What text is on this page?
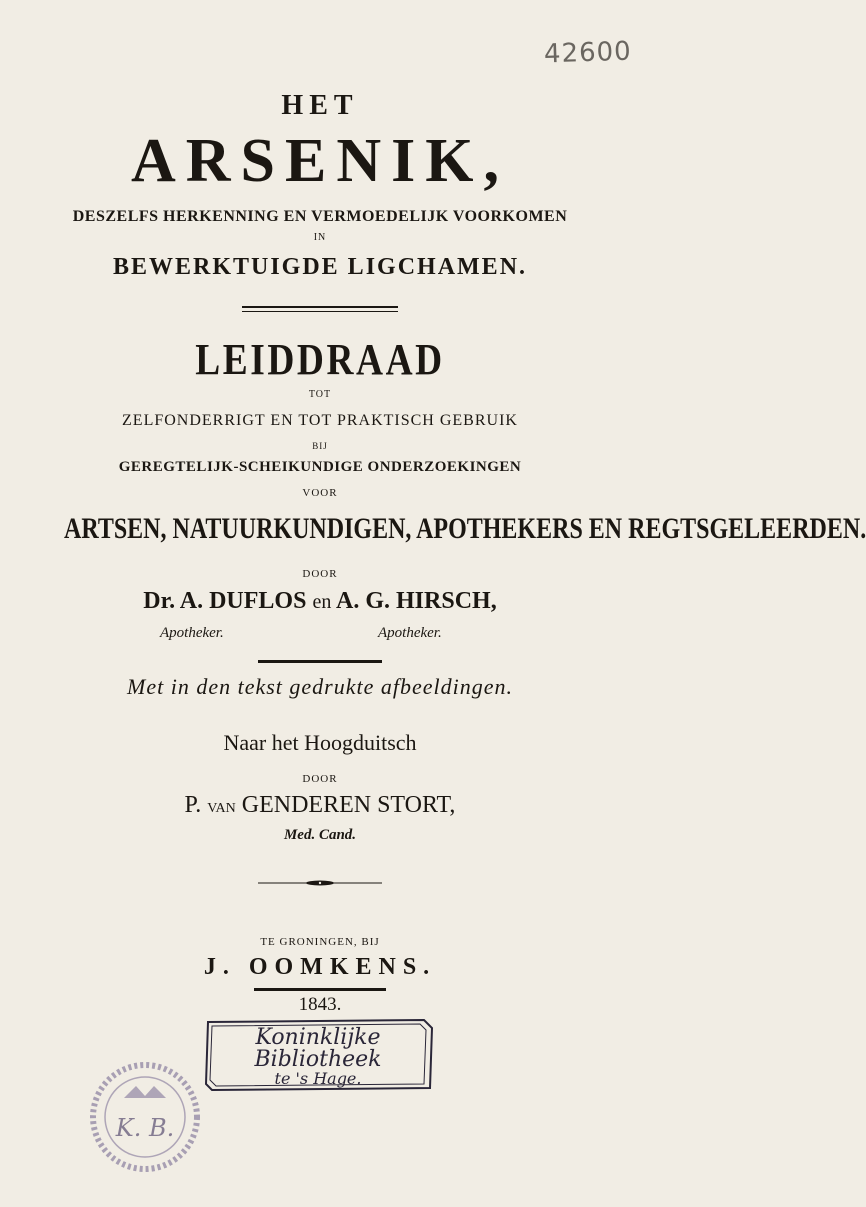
42600
HET
ARSENIK,
DESZELFS HERKENNING EN VERMOEDELIJK VOORKOMEN
IN
BEWERKTUIGDE LIGCHAMEN.
LEIDDRAAD
TOT
ZELFONDERRIGT EN TOT PRAKTISCH GEBRUIK
BIJ
GEREGTELIJK-SCHEIKUNDIGE ONDERZOEKINGEN
VOOR
ARTSEN, NATUURKUNDIGEN, APOTHEKERS EN REGTSGELEERDEN.
DOOR
Dr. A. DUFLOS en A. G. HIRSCH,
Apotheker.	Apotheker.
Met in den tekst gedrukte afbeeldingen.
Naar het Hoogduitsch
DOOR
P. VAN GENDEREN STORT,
Med. Cand.
TE GRONINGEN, BIJ
J. OOMKENS.
1843.
Koninklijke
Bibliotheek
te 's Hage.
K. B.
